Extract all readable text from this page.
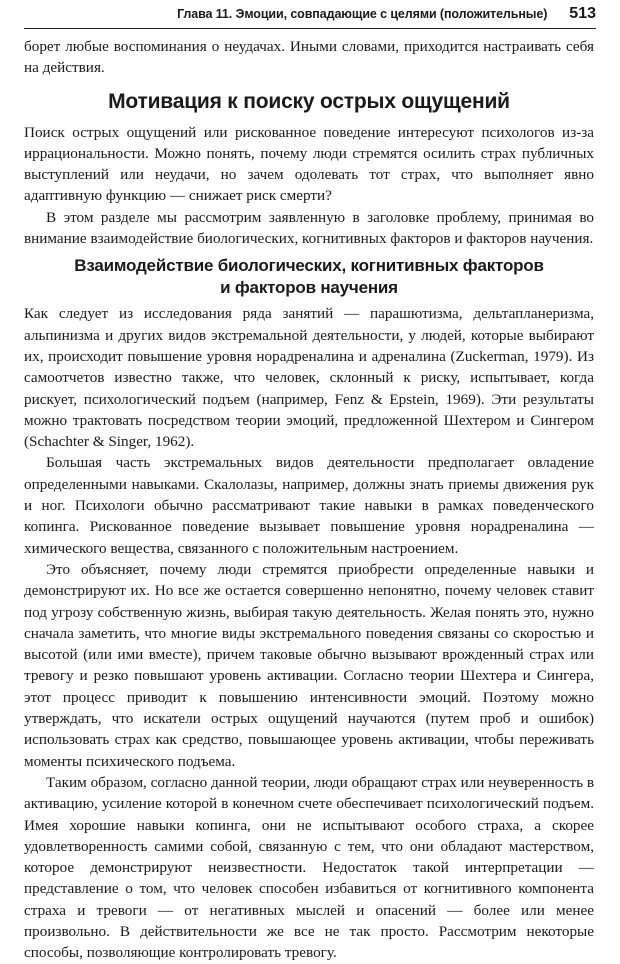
Глава 11. Эмоции, совпадающие с целями (положительные) 513

борет любые воспоминания о неудачах. Иными словами, приходится настраивать себя на действия.

Мотивация к поиску острых ощущений

Поиск острых ощущений или рискованное поведение интересуют психологов из-за иррациональности. Можно понять, почему люди стремятся осилить страх публичных выступлений или неудачи, но зачем одолевать тот страх, что выполняет явно адаптивную функцию — снижает риск смерти?

В этом разделе мы рассмотрим заявленную в заголовке проблему, принимая во внимание взаимодействие биологических, когнитивных факторов и факторов научения.

Взаимодействие биологических, когнитивных факторов
и факторов научения

Как следует из исследования ряда занятий — парашютизма, дельтапланеризма, альпинизма и других видов экстремальной деятельности, у людей, которые выбирают их, происходит повышение уровня норадреналина и адреналина (Zuckerman, 1979). Из самоотчетов известно также, что человек, склонный к риску, испытывает, когда рискует, психологический подъем (например, Fenz & Epstein, 1969). Эти результаты можно трактовать посредством теории эмоций, предложенной Шехтером и Сингером (Schachter & Singer, 1962).

Большая часть экстремальных видов деятельности предполагает овладение определенными навыками. Скалолазы, например, должны знать приемы движения рук и ног. Психологи обычно рассматривают такие навыки в рамках поведенческого копинга. Рискованное поведение вызывает повышение уровня норадреналина — химического вещества, связанного с положительным настроением.

Это объясняет, почему люди стремятся приобрести определенные навыки и демонстрируют их. Но все же остается совершенно непонятно, почему человек ставит под угрозу собственную жизнь, выбирая такую деятельность. Желая понять это, нужно сначала заметить, что многие виды экстремального поведения связаны со скоростью и высотой (или ими вместе), причем таковые обычно вызывают врожденный страх или тревогу и резко повышают уровень активации. Согласно теории Шехтера и Сингера, этот процесс приводит к повышению интенсивности эмоций. Поэтому можно утверждать, что искатели острых ощущений научаются (путем проб и ошибок) использовать страх как средство, повышающее уровень активации, чтобы переживать моменты психического подъема.

Таким образом, согласно данной теории, люди обращают страх или неуверенность в активацию, усиление которой в конечном счете обеспечивает психологический подъем. Имея хорошие навыки копинга, они не испытывают особого страха, а скорее удовлетворенность самими собой, связанную с тем, что они обладают мастерством, которое демонстрируют неизвестности. Недостаток такой интерпретации — представление о том, что человек способен избавиться от когнитивного компонента страха и тревоги — от негативных мыслей и опасений — более или менее произвольно. В действительности же все не так просто. Рассмотрим некоторые способы, позволяющие контролировать тревогу.
